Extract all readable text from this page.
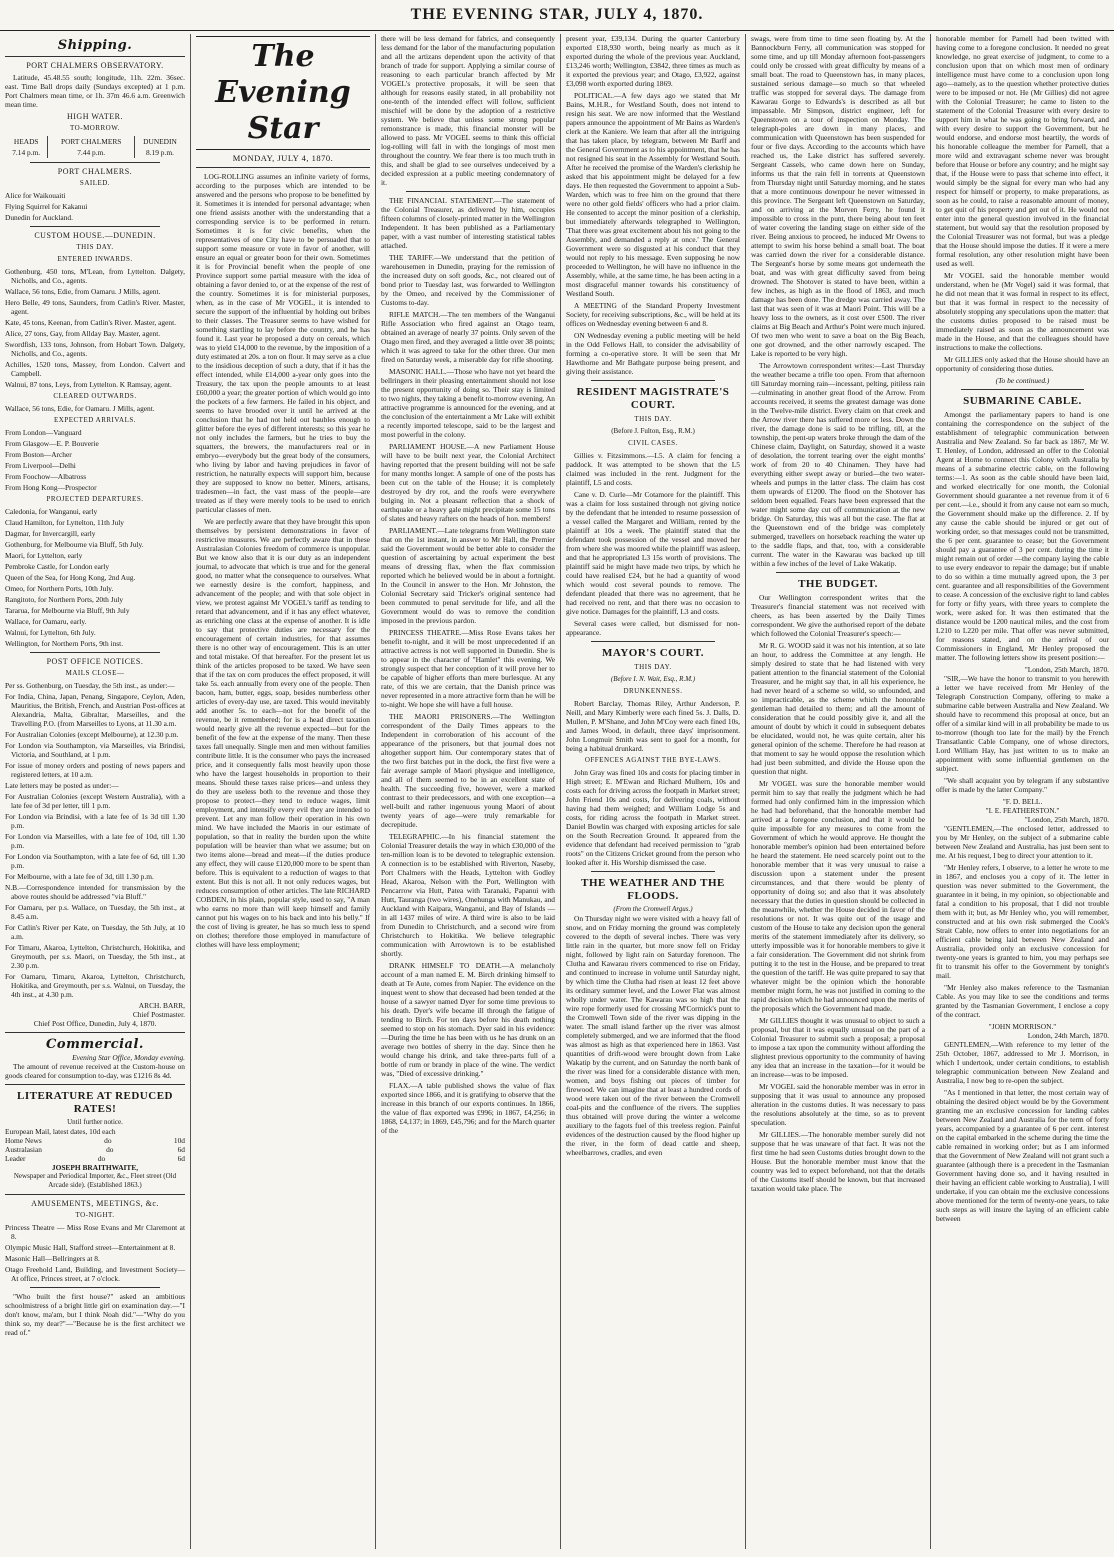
THE EVENING STAR, JULY 4, 1870.
Shipping.
PORT CHALMERS OBSERVATORY.

Latitude, 45.48.55 south; longitude, 11h. 22m. 36sec. east. Time Ball drops daily (Sundays excepted) at 1 p.m. Port Chalmers mean time, or 1h. 37m 46.6 a.m. Greenwich mean time.

HIGH WATER.
TO-MORROW.
HEADS	PORT CHALMERS	DUNEDIN
7.14 p.m.	7.44 p.m.	8.19 p.m.
PORT CHALMERS.
SAILED.
Alice for Waikouaiti
Flying Squirrel for Kakanui
Dunedin for Auckland.
CUSTOM HOUSE.—DUNEDIN.
THIS DAY.
ENTERED INWARDS.
Gothenburg, 450 tons, M'Lean, from Lyttelton. Dalgety, Nicholls, and Co., agents.
Wallace, 56 tons, Edie, from Oamaru. J Mills, agent.
Hero Belle, 49 tons, Saunders, from Catlin's River. Master, agent.
Kate, 45 tons, Keenan, from Catlin's River. Master, agent.
Alice, 27 tons, Gay, from Allday Bay. Master, agent.
Swordfish, 133 tons, Johnson, from Hobart Town. Dalgety, Nicholls, and Co., agents.
Achilles, 1520 tons, Massey, from London. Calvert and Campbell.
Walnui, 87 tons, Leys, from Lyttelton. K Ramsay, agent.
CLEARED OUTWARDS.
Wallace, 56 tons, Edie, for Oamaru. J Mills, agent.
EXPECTED ARRIVALS.
From London—Vanguard
From Glasgow—E. P. Bouverie
From Boston—Archer
From Liverpool—Delhi
From Foochow—Albatross
From Hong Kong—Prospector
PROJECTED DEPARTURES.
Caledonia, for Wanganui, early
Claud Hamilton, for Lyttelton, 11th July
Dagmar, for Invercargill, early
Gothenburg, for Melbourne via Bluff, 5th July.
Maori, for Lyttelton, early
Pembroke Castle, for London early
Queen of the Sea, for Hong Kong, 2nd Aug.
Omeo, for Northern Ports, 10th July.
Rangitoto, for Northern Ports, 20th July
Tararua, for Melbourne via Bluff, 9th July
Wallace, for Oamaru, early.
Walnui, for Lyttelton, 6th July.
Wellington, for Northern Ports, 9th inst.
POST OFFICE NOTICES.
MAILS CLOSE—
Per ss. Gothenburg, on Tuesday, the 5th inst., as under:—
For India, China, Japan, Penang, Singapore, Ceylon, Aden, Mauritius, the British, French, and Austrian Post-offices at Alexandria, Malta, Gibraltar, Marseilles, and the Travelling P.O. (from Marseilles to Lyons, at 11.30 a.m.
For Australian Colonies (except Melbourne), at 12.30 p.m.
For London via Southampton, via Marseilles, via Brindisi, Victoria, and Southland, at 1 p.m.
For issue of money orders and posting of news papers and registered letters, at 10 a.m.
Late letters may be posted as under:—
For Australian Colonies (except Western Australia), with a late fee of 3d per letter, till 1 p.m.
For London via Brindisi, with a late fee of 1s 3d till 1.30 p.m.
For London via Marseilles, with a late fee of 10d, till 1.30 p.m.
For London via Southampton, with a late fee of 6d, till 1.30 p.m.
For Melbourne, with a late fee of 3d, till 1.30 p.m.
N.B.—Correspondence intended for transmission by the above routes should be addressed "via Bluff."
For Oamaru, per p.s. Wallace, on Tuesday, the 5th inst., at 8.45 a.m.
For Catlin's River per Kate, on Tuesday, the 5th July, at 10 a.m.
For Timaru, Akaroa, Lyttelton, Christchurch, Hokitika, and Greymouth, per s.s. Maori, on Tuesday, the 5th inst., at 2.30 p.m.
For Oamaru, Timaru, Akaroa, Lyttelton, Christchurch, Hokitika, and Greymouth, per s.s. Walnui, on Tuesday, the 4th inst., at 4.30 p.m.
ARCH. BARR,
Chief Postmaster.
Chief Post Office, Dunedin, July 4, 1870.
Commercial.
Evening Star Office, Monday evening.

The amount of revenue received at the Custom-house on goods cleared for consumption to-day, was £1216 8s 4d.

LITERATURE AT REDUCED RATES!
Until further notice.
European Mail, latest dates, 10d each
Home News	do	10d
Australasian	do	6d
Leader	do	6d
JOSEPH BRAITHWAITE,
Newspaper and Periodical Importer, &c., Fleet street (Old Arcade side). (Established 1863.)
AMUSEMENTS, MEETINGS, &c.
TO-NIGHT.
Princess Theatre — Miss Rose Evans and Mr Claremont at 8.
Olympic Music Hall, Stafford street—Entertainment at 8.
Masonic Hall—Bellringers at 8.
Otago Freehold Land, Building, and Investment Society—At office, Princes street, at 7 o'clock.

"Who built the first house?" asked an ambitious schoolmistress of a bright little girl on examination day.—"I don't know, ma'am, but I think Noah did."—"Why do you think so, my dear?"—"Because he is the first architect we read of."

The Evening Star
MONDAY, JULY 4, 1870.

LOG-ROLLING assumes an infinite variety of forms, according to the purposes which are intended to be answered and the persons who propose to be benefitted by it. Sometimes it is intended for personal advantage; when one friend assists another with the understanding that a corresponding service is to be performed in return. Sometimes it is for civic benefits, when the representatives of one City have to be persuaded that to support some measure or vote in favor of another, will ensure an equal or greater boon for their own. Sometimes it is for Provincial benefit when the people of one Province support some partial measure with the idea of obtaining a favor denied to, or at the expense of the rest of the country. Sometimes it is for ministerial purposes, when, as in the case of Mr VOGEL, it is intended to secure the support of the influential by holding out bribes to their classes. The Treasurer seems to have wished for something startling to lay before the country, and he has found it. Last year he proposed a duty on cereals, which was to yield £14,000 to the revenue, by the imposition of a duty estimated at 20s. a ton on flour. It may serve as a clue to the insidious deception of such a duty, that if it has the effect intended, while £14,000 a-year only goes into the Treasury, the tax upon the people amounts to at least £60,000 a year; the greater portion of which would go into the pockets of a few farmers. He failed in his object, and seems to have brooded over it until he arrived at the conclusion that he had not held out baubles enough to glitter before the eyes of different interests; so this year he not only includes the farmers, but he tries to buy the squatters, the brewers, the manufacturers real or in embryo—everybody but the great body of the consumers, who living by labor and having prejudices in favor of restriction, he naturally expects will support him, because they are supposed to know no better. Miners, artisans, tradesmen—in fact, the vast mass of the people—are treated as if they were merely tools to be used to enrich particular classes of men.

We are perfectly aware that they have brought this upon themselves by persistent demonstrations in favor of restrictive measures. We are perfectly aware that in these Australasian Colonies freedom of commerce is unpopular. But we know also that it is our duty as an independent journal, to advocate that which is true and for the general good, no matter what the consequence to ourselves. What we earnestly desire is the comfort, happiness, and advancement of the people; and with that sole object in view, we protest against Mr VOGEL's tariff as tending to retard that advancement, and if it has any effect whatever, as enriching one class at the expense of another. It is idle to say that protective duties are necessary for the encouragement of certain industries, for that assumes there is no other way of encouragement. This is an utter and total mistake. Of that hereafter. For the present let us think of the articles proposed to be taxed. We have seen that if the tax on corn produces the effect proposed, it will take 5s. each annually from every one of the people. Then bacon, ham, butter, eggs, soap, besides numberless other articles of every-day use, are taxed. This would inevitably add another 5s. to each—not for the benefit of the revenue, be it remembered; for is a head direct taxation would nearly give all the revenue expected—but for the benefit of the few at the expense of the many. Then these taxes fall unequally. Single men and men without families contribute little. It is the consumer who pays the increased price, and it consequently falls most heavily upon those who have the largest households in proportion to their means. Should these taxes raise prices—and unless they do they are useless both to the revenue and those they propose to protect—they tend to reduce wages, limit employment, and intensify every evil they are intended to prevent. Let any man follow their operation in his own mind. We have included the Maoris in our estimate of population, so that in reality the burden upon the white population will be heavier than what we assume; but on two items alone—bread and meat—if the duties produce any effect, they will cause £120,000 more to be spent than before. This is equivalent to a reduction of wages to that extent. But this is not all. It not only reduces wages, but reduces consumption of other articles. The late RICHARD COBDEN, in his plain, popular style, used to say, "A man who earns no more than will keep himself and family cannot put his wages on to his back and into his belly." If the cost of living is greater, he has so much less to spend on clothes; therefore those employed in manufacture of clothes will have less employment;

there will be less demand for fabrics, and consequently less demand for the labor of the manufacturing population and all the artizans dependent upon the activity of that branch of trade for support. Applying a similar course of reasoning to each particular branch affected by Mr VOGEL's protective proposals, it will be seen that although for reasons easily stated, in all probability not one-tenth of the intended effect will follow, sufficient mischief will be done by the adoption of a restrictive system. We believe that unless some strong popular remonstrance is made, this financial monster will be allowed to pass. Mr VOGEL seems to think this official log-rolling will fall in with the longings of most men throughout the country. We fear there is too much truth in this, and shall be glad to see ourselves undeceived by a decided expression at a public meeting condemnatory of it.

THE FINANCIAL STATEMENT.—The statement of the Colonial Treasurer, as delivered by him, occupies fifteen columns of closely-printed matter in the Wellington Independent. It has been published as a Parliamentary paper, with a vast number of interesting statistical tables attached.

THE TARIFF.—We understand that the petition of warehousemen in Dunedin, praying for the remission of the increased duty on soft goods, &c., not cleared out of bond prior to Tuesday last, was forwarded to Wellington by the Omeo, and received by the Commissioner of Customs to-day.

RIFLE MATCH.—The ten members of the Wanganui Rifle Association who fired against an Otago team, obtained an average of nearly 37 points. Only seven of the Otago men fired, and they averaged a little over 38 points; which it was agreed to take for the other three. Our men fired on Saturday week, a miserable day for rifle shooting.

MASONIC HALL.—Those who have not yet heard the bellringers in their pleasing entertainment should not lose the present opportunity of doing so. Their stay is limited to two nights, they taking a benefit to-morrow evening. An attractive programme is announced for the evening, and at the conclusion of the entertainment a Mr Lake will exhibit a recently imported telescope, said to be the largest and most powerful in the colony.

PARLIAMENT HOUSE.—A new Parliament House will have to be built next year, the Colonial Architect having reported that the present building will not be safe for many months longer. A sample of one of the posts has been cut on the table of the House; it is completely destroyed by dry rot, and the roofs were everywhere bulging in. Not a pleasant reflection that a shock of earthquake or a heavy gale might precipitate some 15 tons of slates and heavy rafters on the heads of hon. members!

PARLIAMENT.—Late telegrams from Wellington state that on the 1st instant, in answer to Mr Hall, the Premier said the Government would be better able to consider the question of ascertaining by actual experiment the best means of dressing flax, when the flax commission reported which he believed would be in about a fortnight. In the Council in answer to the Hon. Mr Johnston, the Colonial Secretary said Tricker's original sentence had been commuted to penal servitude for life, and all the Government would do was to remove the condition imposed in the previous pardon.

PRINCESS THEATRE.—Miss Rose Evans takes her benefit to-night, and it will be most unprecedented if an attractive actress is not well supported in Dunedin. She is to appear in the character of "Hamlet" this evening. We strongly suspect that her conception of it will prove her to be capable of higher efforts than mere burlesque. At any rate, of this we are certain, that the Danish prince was never represented in a more attractive form than he will be to-night. We hope she will have a full house.

THE MAORI PRISONERS.—The Wellington correspondent of the Daily Times appears to the Independent in corroboration of his account of the appearance of the prisoners, but that journal does not altogether support him. Our contemporary states that of the two first batches put in the dock, the first five were a fair average sample of Maori physique and intelligence, and all of them seemed to be in an excellent state of health. The succeeding five, however, were a marked contrast to their predecessors, and with one exception—a well-built and rather ingenuous young Maori of about twenty years of age—were truly remarkable for decrepitude.

TELEGRAPHIC.—In his financial statement the Colonial Treasurer details the way in which £30,000 of the ten-million loan is to be devoted to telegraphic extension. A connection is to be established with Riverton, Naseby, Port Chalmers with the Heads, Lyttelton with Godley Head, Akaroa, Nelson with the Port, Wellington with Pencarrow via Hutt, Patea with Taranaki, Papanui with Hutt, Tauranga (two wires), Onehunga with Manukau, and Auckland with Kaipara, Wanganui, and Bay of Islands —in all 1437 miles of wire. A third wire is also to be laid from Dunedin to Christchurch, and a second wire from Christchurch to Hokitika. We believe telegraphic communication with Arrowtown is to be established shortly.

DRANK HIMSELF TO DEATH.—A melancholy account of a man named E. M. Birch drinking himself to death at Te Aute, comes from Napier. The evidence on the inquest went to show that deceased had been tended at the house of a sawyer named Dyer for some time previous to his death. Dyer's wife became ill through the fatigue of tending to Birch. For ten days before his death nothing seemed to stop on his stomach. Dyer said in his evidence:—During the time he has been with us he has drunk on an average two bottles of sherry in the day. Since then he would change his drink, and take three-parts full of a bottle of rum or brandy in place of the wine. The verdict was, "Died of excessive drinking."

FLAX.—A table published shows the value of flax exported since 1866, and it is gratifying to observe that the increase in this branch of our exports continues. In 1866, the value of flax exported was £996; in 1867, £4,256; in 1868, £4,137; in 1869, £45,796; and for the March quarter of the

present year, £39,134. During the quarter Canterbury exported £18,930 worth, being nearly as much as it exported during the whole of the previous year. Auckland, £13,246 worth; Wellington, £3842, three times as much as it exported the previous year; and Otago, £3,922, against £3,098 worth exported during 1869.

POLITICAL.—A few days ago we stated that Mr Bains, M.H.R., for Westland South, does not intend to resign his seat. We are now informed that the Westland papers announce the appointment of Mr Bains as Warden's clerk at the Kaniere. We learn that after all the intriguing that has taken place, by telegram, between Mr Barff and the General Government as to his appointment, that he has not resigned his seat in the Assembly for Westland South. After he received the promise of the Warden's clerkship he asked that his appointment might be delayed for a few days. He then requested the Government to appoint a Sub-Warden, which was to free him on the ground that there were no other gold fields' officers who had a prior claim. He consented to accept the minor position of a clerkship, but immediately afterwards telegraphed to Wellington, 'That there was great excitement about his not going to the Assembly, and demanded a reply at once.' The General Government were so disgusted at his conduct that they would not reply to his message. Even supposing he now proceeded to Wellington, he will have no influence in the Assembly, while, at the same time, he has been acting in a most disgraceful manner towards his constituency of Westland South.

A MEETING of the Standard Property Investment Society, for receiving subscriptions, &c., will be held at its offices on Wednesday evening between 6 and 8.

ON Wednesday evening a public meeting will be held in the Odd Fellows Hall, to consider the advisability of forming a co-operative store. It will be seen that Mr Hawthorne and Mr Bathgate purpose being present, and giving their assistance.

RESIDENT MAGISTRATE'S COURT.
THIS DAY.
(Before J. Fulton, Esq., R.M.)
CIVIL CASES.

Gillies v. Fitzsimmons.—L5. A claim for fencing a paddock. It was attempted to be shown that the L5 claimed was included in the rent. Judgment for the plaintiff, L5 and costs.

Cane v. D. Curle—Mr Cotamore for the plaintiff. This was a claim for loss sustained through not giving notice by the defendant that he intended to resume possession of a vessel called the Margaret and William, rented by the plaintiff at 10s a week. The plaintiff stated that the defendant took possession of the vessel and moved her from where she was moored while the plaintiff was asleep, and that he appropriated L3 15s worth of provisions. The plaintiff said he might have made two trips, by which he could have realised £24, but he had a quantity of wood which would cost several pounds to remove. The defendant pleaded that there was no agreement, that he had received no rent, and that there was no occasion to give notice. Damages for the plaintiff, L3 and costs.

Several cases were called, but dismissed for non-appearance.

MAYOR'S COURT.
THIS DAY.
(Before I. N. Wait, Esq., R.M.)
DRUNKENNESS.

Robert Barclay, Thomas Riley, Arthur Anderson, P. Neill, and Mary Kimberly were each fined 5s. J. Dalls, D. Mullen, P. M'Shane, and John M'Coy were each fined 10s, and James Wood, in default, three days' imprisonment. John Longmuir Smith was sent to gaol for a month, for being a habitual drunkard.

OFFENCES AGAINST THE BYE-LAWS.

John Gray was fined 10s and costs for placing timber in High street; E. M'Ewan and Richard Mulhern, 10s and costs each for driving across the footpath in Market street; John Friend 10s and costs, for delivering coals, without having had them weighed; and William Lodge 5s and costs, for riding across the footpath in Market street. Daniel Bowlin was charged with exposing articles for sale on the South Recreation Ground. It appeared from the evidence that defendant had received permission to "grab roots" on the Citizens Cricket ground from the person who looked after it. His Worship dismissed the case.

THE WEATHER AND THE FLOODS.
(From the Cromwell Argus.)

On Thursday night we were visited with a heavy fall of snow, and on Friday morning the ground was completely covered to the depth of several inches. There was very little rain in the quarter, but more snow fell on Friday night, followed by light rain on Saturday forenoon. The Clutha and Kawarau rivers commenced to rise on Friday, and continued to increase in volume until Saturday night, by which time the Clutha had risen at least 12 feet above its ordinary summer level, and the Lower Flat was almost wholly under water. The Kawarau was so high that the wire rope formerly used for crossing M'Cormick's punt to the Cromwell Town side of the river was dipping in the water. The small island farther up the river was almost completely submerged, and we are informed that the flood was almost as high as that experienced here in 1863. Vast quantities of drift-wood were brought down from Lake Wakatip by the current, and on Saturday the north bank of the river was lined for a considerable distance with men, women, and boys fishing out pieces of timber for firewood. We can imagine that at least a hundred cords of wood were taken out of the river between the Cromwell coal-pits and the confluence of the rivers. The supplies thus obtained will prove during the winter a welcome auxiliary to the fagots fuel of this treeless region. Painful evidences of the destruction caused by the flood higher up the river, in the form of dead cattle and sheep, wheelbarrows, cradles, and even

swags, were from time to time seen floating by. At the Bannockburn Ferry, all communication was stopped for some time, and up till Monday afternoon foot-passengers could only be crossed with great difficulty by means of a small boat. The road to Queenstown has, in many places, sustained serious damage—so much so that wheeled traffic was stopped for several days. The damage from Kawarau Gorge to Edwards's is described as all but impassable. Mr Simpson, district engineer, left for Queenstown on a tour of inspection on Monday. The telegraph-poles are down in many places, and communication with Queenstown has been suspended for four or five days. According to the accounts which have reached us, the Lake district has suffered severely. Sergeant Cassels, who came down here on Sunday, informs us that the rain fell in torrents at Queenstown from Thursday night until Saturday morning, and he states that a more continuous downpour he never witnessed in this province. The Sergeant left Queenstown on Saturday, and on arriving at the Morven Ferry, he found it impossible to cross in the punt, there being about ten feet of water covering the landing stage on either side of the river. Being anxious to proceed, he induced Mr Owens to attempt to swim his horse behind a small boat. The boat was carried down the river for a considerable distance. The Sergeant's horse by some means got underneath the boat, and was with great difficulty saved from being drowned. The Shotover is stated to have been, within a few inches, as high as in the flood of 1863, and much damage has been done. The dredge was carried away. The last that was seen of it was at Maori Point. This will be a heavy loss to the owners, as it cost over £500. The river claims at Big Beach and Arthur's Point were much injured. Of two men who went to save a boat on the Big Beach, one got drowned, and the other narrowly escaped. The Lake is reported to be very high.

The Arrowtown correspondent writes:—Last Thursday the weather became a trifle too open. From that afternoon till Saturday morning rain—incessant, pelting, pitiless rain—culminating in another great flood of the Arrow. From accounts received, it seems the greatest damage was done in the Twelve-mile district. Every claim on that creek and the Arrow river there has suffered more or less. Down the river, the damage done is said to be trifling, till, at the township, the pent-up waters broke through the dam of the Chinese claim, Daylight, on Saturday, showed it a waste of desolation, the torrent tearing over the eight months' work of from 20 to 40 Chinamen. They have had everything either swept away or buried—the two water-wheels and pumps in the latter class. The claim has cost them upwards of £1200. The flood on the Shotover has seldom been equalled. Fears have been expressed that the water might some day cut off communication at the new bridge. On Saturday, this was all but the case. The flat at the Queenstown end of the bridge was completely submerged, travellers on horseback reaching the water up to the saddle flaps, and that, too, with a considerable current. The water in the Kawarau was backed up till within a few inches of the level of Lake Wakatip.

THE BUDGET.

Our Wellington correspondent writes that the Treasurer's financial statement was not received with cheers, as has been asserted by the Daily Times correspondent. We give the authorised report of the debate which followed the Colonial Treasurer's speech:—

Mr R. G. WOOD said it was not his intention, at so late an hour, to address the Committee at any length. He simply desired to state that he had listened with very patient attention to the financial statement of the Colonial Treasurer, and he might say that, in all his experience, he had never heard of a scheme so wild, so unfounded, and so impracticable, as the scheme which the honorable gentleman had detailed to them; and all the amount of consideration that he could possibly give it, and all the amount of doubt by which it could in subsequent debates be elucidated, would not, he was quite certain, alter his general opinion of the scheme. Therefore he had reason at that moment to say he would oppose the resolution which had just been submitted, and divide the House upon the question that night.

Mr VOGEL was sure the honorable member would permit him to say that really the judgment which he had formed had only confirmed him in the impression which he had had beforehand, that the honorable member had arrived at a foregone conclusion, and that it would be quite impossible for any measures to come from the Government of which he would approve. He thought the honorable member's opinion had been entertained before he heard the statement. He need scarcely point out to the honorable member that it was very unusual to raise a discussion upon a statement under the present circumstances, and that there would be plenty of opportunity of doing so; and also that it was absolutely necessary that the duties in question should be collected in the meanwhile, whether the House decided in favor of the resolutions or not. It was quite out of the usage and custom of the House to take any decision upon the general merits of the statement immediately after its delivery, so utterly impossible was it for honorable members to give it a fair consideration. The Government did not shrink from putting it to the test in the House, and be prepared to treat the question of the tariff. He was quite prepared to say that whatever might be the opinion which the honorable member might form, he was not justified in coming to the rapid decision which he had announced upon the merits of the proposals which the Government had made.

Mr GILLIES thought it was unusual to object to such a proposal, but that it was equally unusual on the part of a Colonial Treasurer to submit such a proposal; a proposal to impose a tax upon the community without affording the slightest previous opportunity to the community of having any idea that an increase in the taxation—for it would be an increase—was to be imposed.

Mr VOGEL said the honorable member was in error in supposing that it was usual to announce any proposed alteration in the customs duties. It was necessary to pass the resolutions absolutely at the time, so as to prevent speculation.

Mr GILLIES.—The honorable member surely did not suppose that he was unaware of that fact. It was not the first time he had seen Customs duties brought down to the House. But the honorable member must know that the country was led to expect beforehand, not that the details of the Customs itself should be known, but that increased taxation would take place. The

honorable member for Parnell had been twitted with having come to a foregone conclusion. It needed no great knowledge, no great exercise of judgment, to come to a conclusion upon that on which most men of ordinary intelligence must have come to a conclusion upon long ago—namely, as to the question whether protective duties were to be imposed or not. He (Mr Gillies) did not agree with the Colonial Treasurer; he came to listen to the statement of the Colonial Treasurer with every desire to support him in what he was going to bring forward, and with every desire to support the Government, but he would endorse, and endorse most heartily, the words of his honorable colleague the member for Parnell, that a more wild and extravagant scheme never was brought before that House or before any country; and he might say that, if the House were to pass that scheme into effect, it would simply be the signal for every man who had any respect for himself or property, to make preparations, as soon as he could, to raise a reasonable amount of money, to get quit of his property and get out of it. He would not enter into the general question involved in the financial statement, but would say that the resolution proposed by the Colonial Treasurer was not formal, but was a pledge that the House should impose the duties. If it were a mere formal resolution, any other resolution might have been used as well.

Mr VOGEL said the honorable member would understand, when he (Mr Vogel) said it was formal, that he did not mean that it was formal in respect to its effect, but that it was formal in respect to the necessity of absolutely stopping any speculations upon the matter: that the customs duties proposed to be raised must be immediately raised as soon as the announcement was made in the House, and that the colleagues should have instructions to make the collections.

Mr GILLIES only asked that the House should have an opportunity of considering those duties.

(To be continued.)
SUBMARINE CABLE.

Amongst the parliamentary papers to hand is one containing the correspondence on the subject of the establishment of telegraphic communication between Australia and New Zealand. So far back as 1867, Mr W. T. Henley, of London, addressed an offer to the Colonial Agent at Home to connect this Colony with Australia by means of a submarine electric cable, on the following terms:—1. As soon as the cable should have been laid, and worked electrically for one month, the Colonial Government should guarantee a net revenue from it of 6 per cent.—i.e., should it from any cause not earn so much, the Government should make up the difference. 2. If by any cause the cable should be injured or get out of working order, so that messages could not be transmitted, the 6 per cent. guarantee to cease; but the Government should pay a guarantee of 3 per cent. during the time it might remain out of order —the company laying the cable to use every endeavor to repair the damage; but if unable to do so within a time mutually agreed upon, the 3 per cent. guarantee and all responsibilities of the Government to cease. A concession of the exclusive right to land cables for forty or fifty years, with three years to complete the work, were asked for. It was then estimated that the distance would be 1200 nautical miles, and the cost from L210 to L220 per mile. That offer was never submitted, for reasons stated, and on the arrival of our Commissioners in England, Mr Henley proposed the matter. The following letters show its present position:—

"London, 25th March, 1870.

"SIR,—We have the honor to transmit to you herewith a letter we have received from Mr Henley of the Telegraph Construction Company, offering to make a submarine cable between Australia and New Zealand. We should have to recommend this proposal at once, but an offer of a similar kind will in all probability be made to us to-morrow (though too late for the mail) by the French Transatlantic Cable Company, one of whose directors, Lord William Hay, has just written to us to make an appointment with some influential gentlemen on the subject.

"We shall acquaint you by telegram if any substantive offer is made by the latter Company."

"F. D. BELL.
"I. E. FEATHERSTON."
"London, 25th March, 1870.

"GENTLEMEN,—The enclosed letter, addressed to you by Mr Henley, on the subject of a submarine cable between New Zealand and Australia, has just been sent to me. At his request, I beg to direct your attention to it.

"Mr Henley refers, I observe, to a letter he wrote to me in 1867, and encloses you a copy of it. The letter in question was never submitted to the Government, the guarantee in it being, in my opinion, so objectionable and fatal a condition to his proposal, that I did not trouble them with it; but, as Mr Henley who, you will remember, constructed and at his own risk submerged the Cook's Strait Cable, now offers to enter into negotiations for an efficient cable being laid between New Zealand and Australia, provided only an exclusive concession for twenty-one years is granted to him, you may perhaps see fit to transmit his offer to the Government by tonight's mail.

"Mr Henley also makes reference to the Tasmanian Cable. As you may like to see the conditions and terms granted by the Tasmanian Government, I enclose a copy of the contract.

"JOHN MORRISON."
London, 24th March, 1870.

GENTLEMEN,—With reference to my letter of the 25th October, 1867, addressed to Mr J. Morrison, in which I undertook, under certain conditions, to establish telegraphic communication between New Zealand and Australia, I now beg to re-open the subject.

"As I mentioned in that letter, the most certain way of obtaining the desired object would be by the Government granting me an exclusive concession for landing cables between New Zealand and Australia for the term of forty years, accompanied by a guarantee of 6 per cent. interest on the capital embarked in the scheme during the time the cable remained in working order; but as I am informed that the Government of New Zealand will not grant such a guarantee (although there is a precedent in the Tasmanian Government having done so, and it having resulted in their having an efficient cable working to Australia), I will undertake, if you can obtain me the exclusive concessions above mentioned for the term of twenty-one years, to take such steps as will insure the laying of an efficient cable between
